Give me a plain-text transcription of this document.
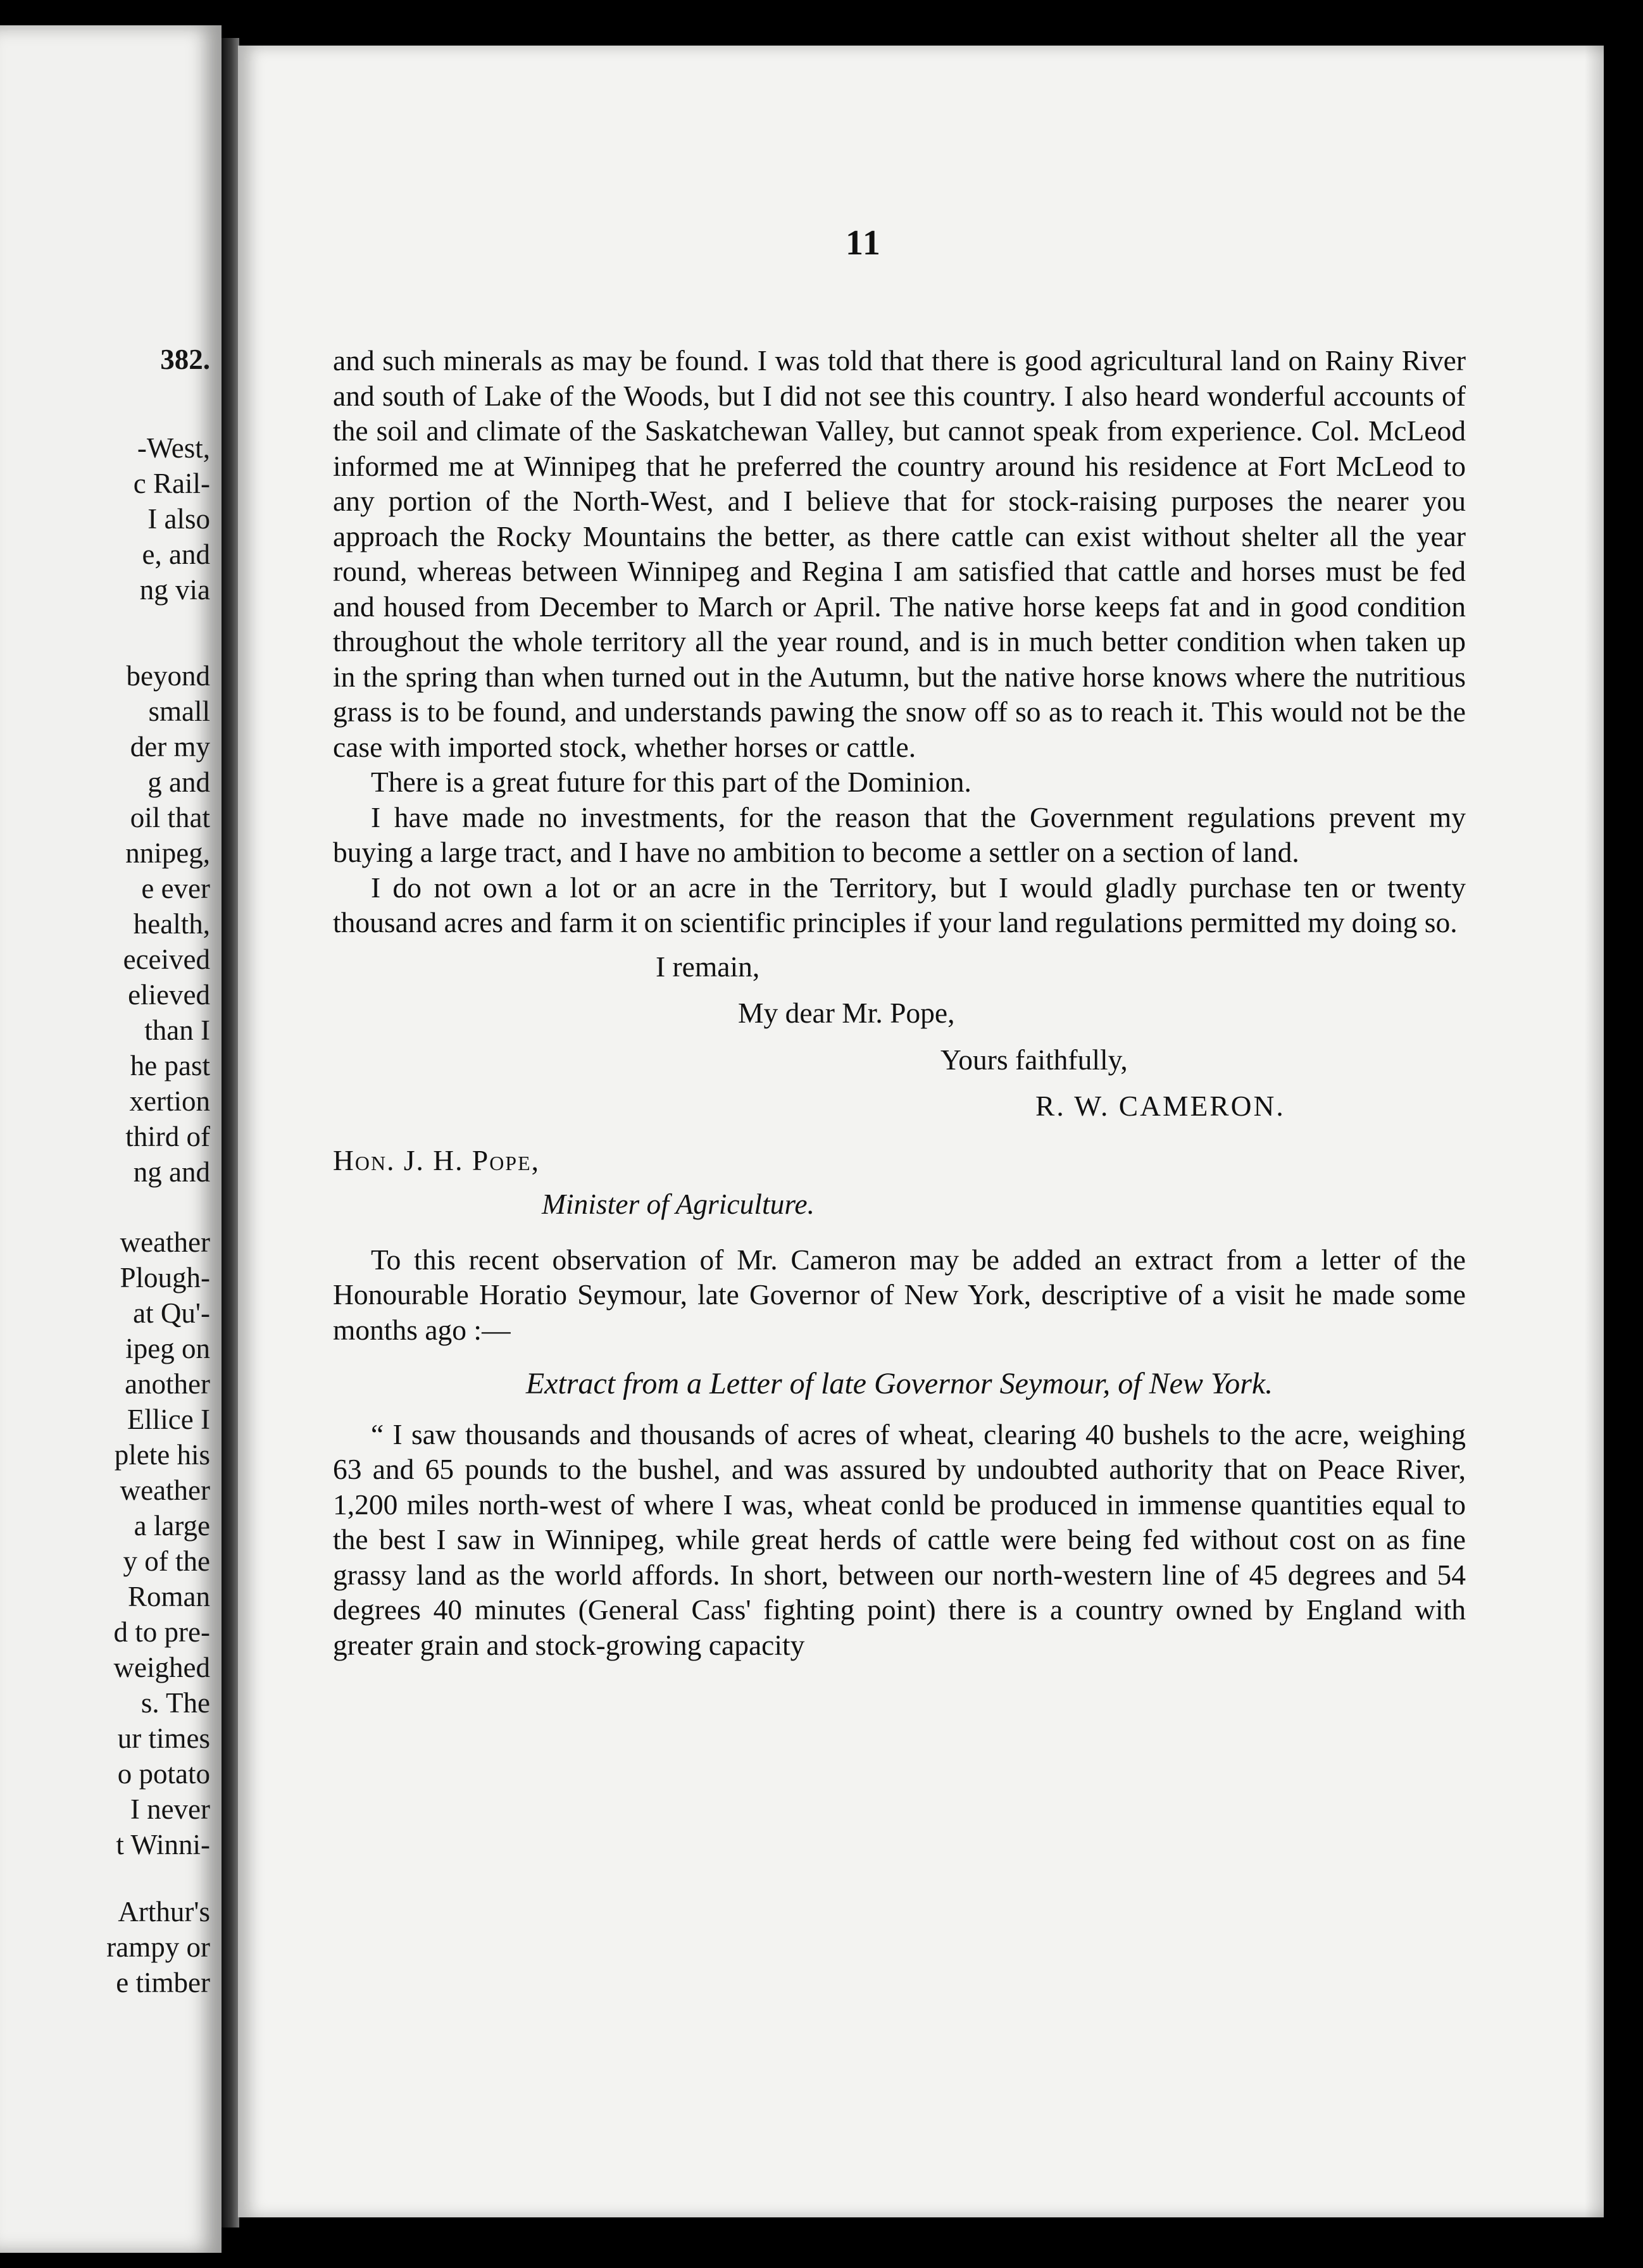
382.

-West,

c Rail-

I also

e, and

ng via

beyond

small

der my

g and

oil that

nnipeg,

e ever

health,

eceived

elieved

than I

he past

xertion

third of

ng and

weather

Plough-

at Qu'-

ipeg on

another

Ellice I

plete his

weather

a large

y of the

Roman

d to pre-

weighed

s. The

ur times

o potato

I never

t Winni-

Arthur's

rampy or

e timber

11

and such minerals as may be found. I was told that there is good agricultural land on Rainy River and south of Lake of the Woods, but I did not see this country. I also heard wonderful accounts of the soil and climate of the Saskatchewan Valley, but cannot speak from experience. Col. McLeod informed me at Winnipeg that he preferred the country around his residence at Fort McLeod to any portion of the North-West, and I believe that for stock-raising purposes the nearer you approach the Rocky Mountains the better, as there cattle can exist without shelter all the year round, whereas between Winnipeg and Regina I am satisfied that cattle and horses must be fed and housed from December to March or April. The native horse keeps fat and in good condition throughout the whole territory all the year round, and is in much better condition when taken up in the spring than when turned out in the Autumn, but the native horse knows where the nutritious grass is to be found, and understands pawing the snow off so as to reach it. This would not be the case with imported stock, whether horses or cattle.

There is a great future for this part of the Dominion.

I have made no investments, for the reason that the Government regulations prevent my buying a large tract, and I have no ambition to become a settler on a section of land.

I do not own a lot or an acre in the Territory, but I would gladly purchase ten or twenty thousand acres and farm it on scientific principles if your land regulations permitted my doing so.

I remain,
My dear Mr. Pope,
Yours faithfully,
R. W. CAMERON.

Hon. J. H. Pope,

Minister of Agriculture.

To this recent observation of Mr. Cameron may be added an extract from a letter of the Honourable Horatio Seymour, late Governor of New York, descriptive of a visit he made some months ago :—

Extract from a Letter of late Governor Seymour, of New York.

“ I saw thousands and thousands of acres of wheat, clearing 40 bushels to the acre, weighing 63 and 65 pounds to the bushel, and was assured by undoubted authority that on Peace River, 1,200 miles north-west of where I was, wheat conld be produced in immense quantities equal to the best I saw in Winnipeg, while great herds of cattle were being fed without cost on as fine grassy land as the world affords. In short, between our north-western line of 45 degrees and 54 degrees 40 minutes (General Cass' fighting point) there is a country owned by England with greater grain and stock-growing capacity
